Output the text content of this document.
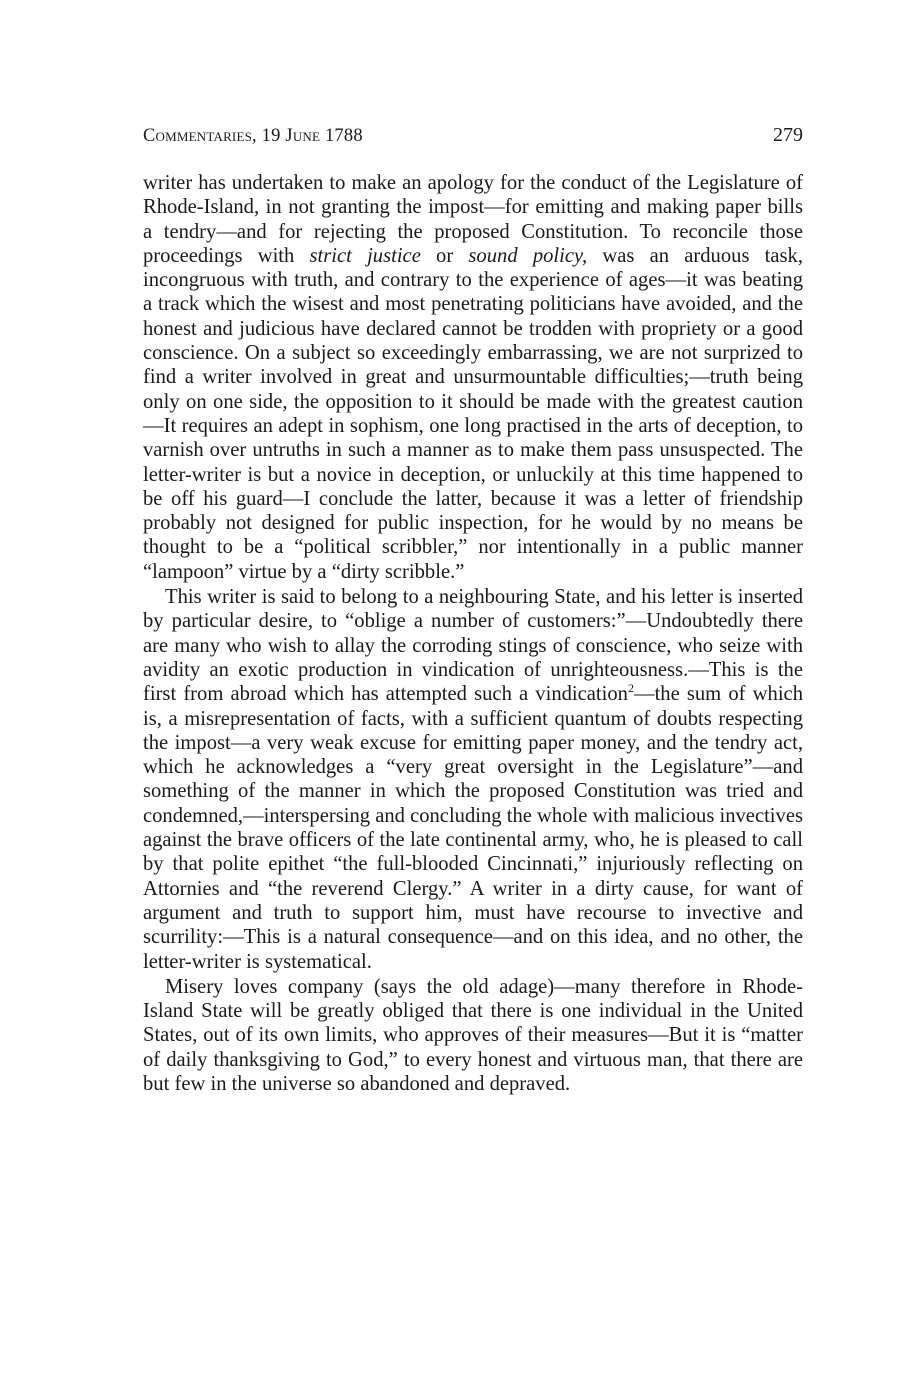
Commentaries, 19 June 1788	279

writer has undertaken to make an apology for the conduct of the Legislature of Rhode-Island, in not granting the impost—for emitting and making paper bills a tendry—and for rejecting the proposed Constitution. To reconcile those proceedings with strict justice or sound policy, was an arduous task, incongruous with truth, and contrary to the experience of ages—it was beating a track which the wisest and most penetrating politicians have avoided, and the honest and judicious have declared cannot be trodden with propriety or a good conscience. On a subject so exceedingly embarrassing, we are not surprized to find a writer involved in great and unsurmountable difficulties;—truth being only on one side, the opposition to it should be made with the greatest caution—It requires an adept in sophism, one long practised in the arts of deception, to varnish over untruths in such a manner as to make them pass unsuspected. The letter-writer is but a novice in deception, or unluckily at this time happened to be off his guard—I conclude the latter, because it was a letter of friendship probably not designed for public inspection, for he would by no means be thought to be a “political scribbler,” nor intentionally in a public manner “lampoon” virtue by a “dirty scribble.”

This writer is said to belong to a neighbouring State, and his letter is inserted by particular desire, to “oblige a number of customers:”—Undoubtedly there are many who wish to allay the corroding stings of conscience, who seize with avidity an exotic production in vindication of unrighteousness.—This is the first from abroad which has attempted such a vindication$^2$—the sum of which is, a misrepresentation of facts, with a sufficient quantum of doubts respecting the impost—a very weak excuse for emitting paper money, and the tendry act, which he acknowledges a “very great oversight in the Legislature”—and something of the manner in which the proposed Constitution was tried and condemned,—interspersing and concluding the whole with malicious invectives against the brave officers of the late continental army, who, he is pleased to call by that polite epithet “the full-blooded Cincinnati,” injuriously reflecting on Attornies and “the reverend Clergy.” A writer in a dirty cause, for want of argument and truth to support him, must have recourse to invective and scurrility:—This is a natural consequence—and on this idea, and no other, the letter-writer is systematical.

Misery loves company (says the old adage)—many therefore in Rhode-Island State will be greatly obliged that there is one individual in the United States, out of its own limits, who approves of their measures—But it is “matter of daily thanksgiving to God,” to every honest and virtuous man, that there are but few in the universe so abandoned and depraved.
